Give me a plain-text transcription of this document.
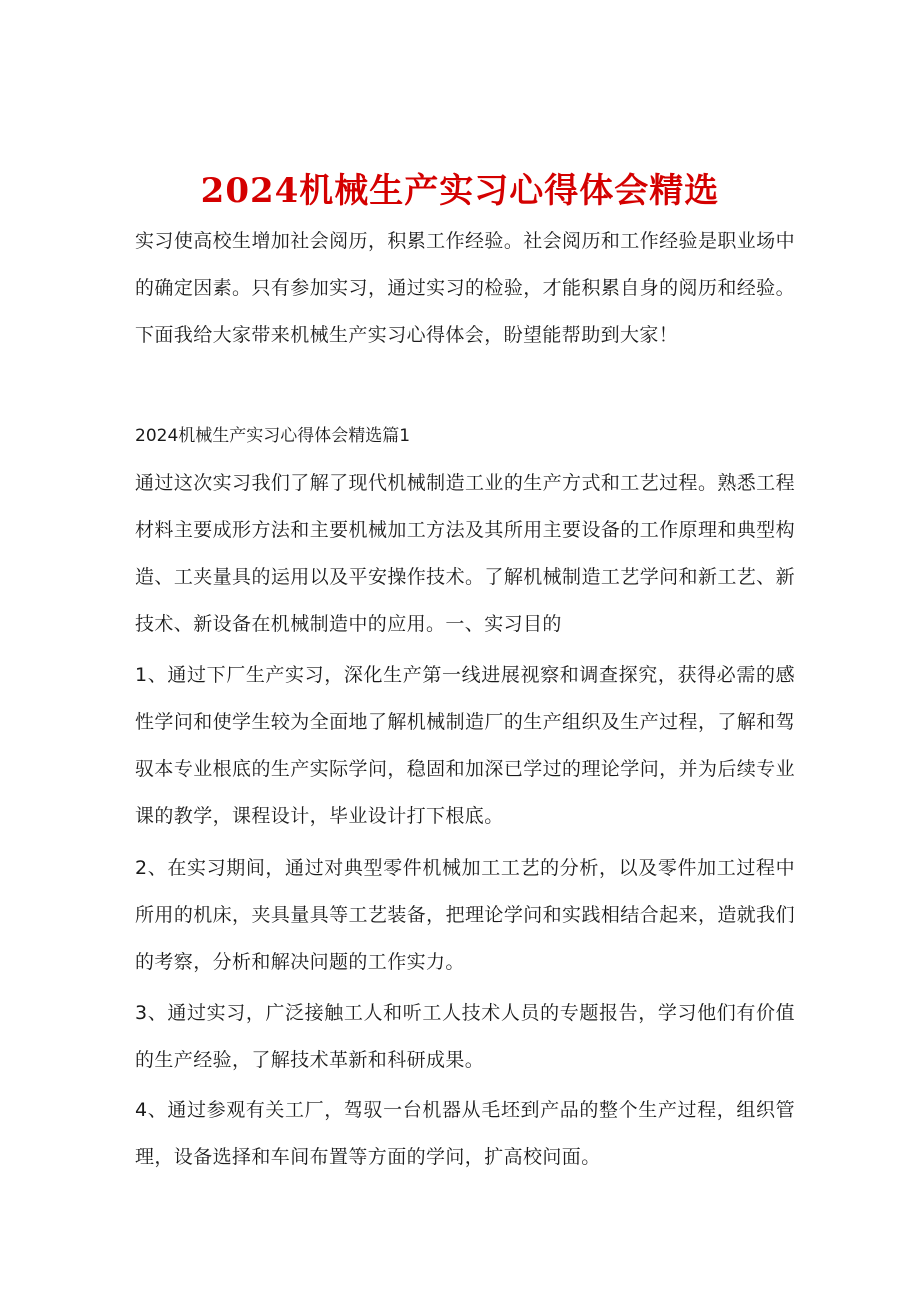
2024机械生产实习心得体会精选

实习使高校生增加社会阅历，积累工作经验。社会阅历和工作经验是职业场中的确定因素。只有参加实习，通过实习的检验，才能积累自身的阅历和经验。下面我给大家带来机械生产实习心得体会，盼望能帮助到大家！

2024机械生产实习心得体会精选篇1

通过这次实习我们了解了现代机械制造工业的生产方式和工艺过程。熟悉工程材料主要成形方法和主要机械加工方法及其所用主要设备的工作原理和典型构造、工夹量具的运用以及平安操作技术。了解机械制造工艺学问和新工艺、新技术、新设备在机械制造中的应用。一、实习目的

1、通过下厂生产实习，深化生产第一线进展视察和调查探究，获得必需的感性学问和使学生较为全面地了解机械制造厂的生产组织及生产过程，了解和驾驭本专业根底的生产实际学问，稳固和加深已学过的理论学问，并为后续专业课的教学，课程设计，毕业设计打下根底。

2、在实习期间，通过对典型零件机械加工工艺的分析，以及零件加工过程中所用的机床，夹具量具等工艺装备，把理论学问和实践相结合起来，造就我们的考察，分析和解决问题的工作实力。

3、通过实习，广泛接触工人和听工人技术人员的专题报告，学习他们有价值的生产经验，了解技术革新和科研成果。

4、通过参观有关工厂，驾驭一台机器从毛坯到产品的整个生产过程，组织管理，设备选择和车间布置等方面的学问，扩高校问面。
